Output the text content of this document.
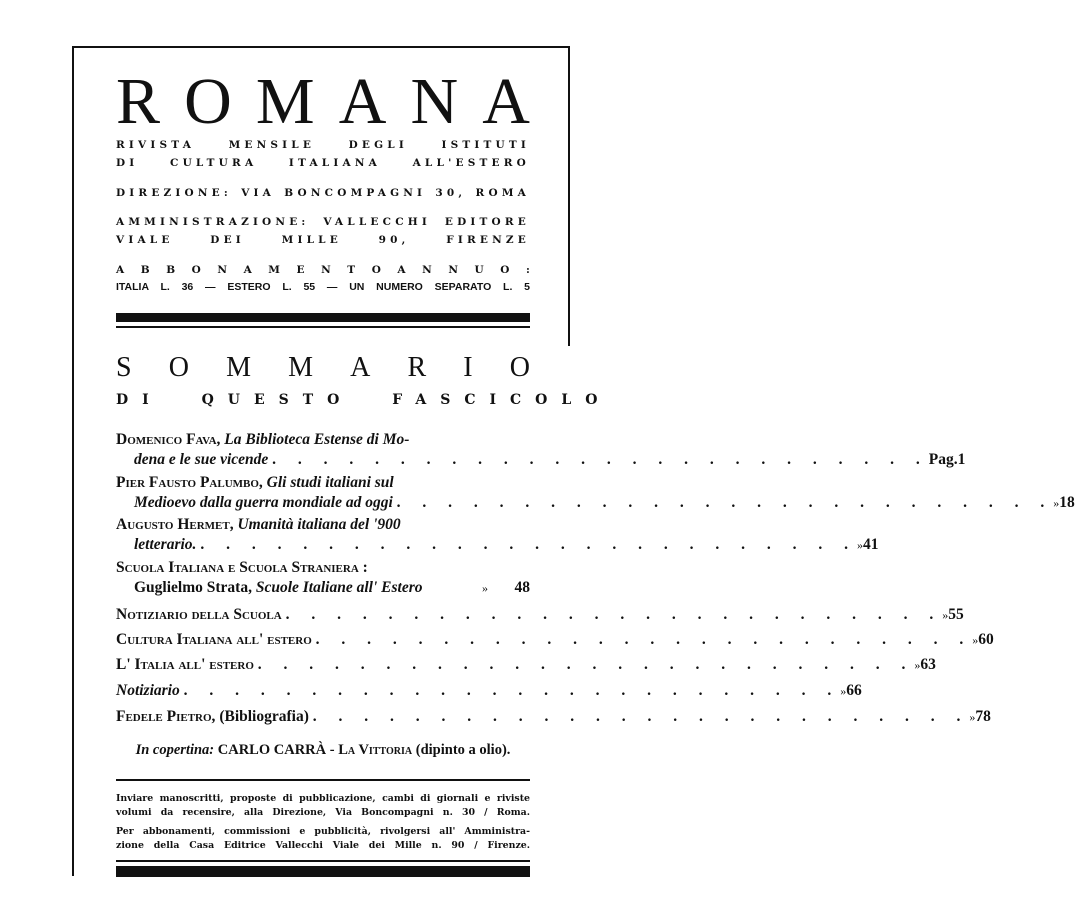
R O M A N A
RIVISTA MENSILE DEGLI ISTITUTI
DI CULTURA ITALIANA ALL'ESTERO
DIREZIONE: VIA BONCOMPAGNI 30, ROMA
AMMINISTRAZIONE: VALLECCHI EDITORE
VIALE DEI MILLE 90, FIRENZE
A B B O N A M E N T O A N N U O :
ITALIA L. 36 — ESTERO L. 55 — UN NUMERO SEPARATO L. 5
S O M M A R I O
DI QUESTO FASCICOLO
Domenico Fava, La Biblioteca Estense di Mo-
dena e le sue vicende . . . . . . . . . . . . . . . . . . . . . . . . . . Pag. 1
Pier Fausto Palumbo, Gli studi italiani sul
Medioevo dalla guerra mondiale ad oggi . . . . . . . . . . . . . . . . . . . . . . . . . . » 18
Augusto Hermet, Umanità italiana del '900
letterario. . . . . . . . . . . . . . . . . . . . . . . . . . . » 41
Scuola Italiana e Scuola Straniera :
Guglielmo Strata, Scuole Italiane all' Estero	»	48
Notiziario della Scuola . . . . . . . . . . . . . . . . . . . . . . . . . . » 55
Cultura Italiana all' estero . . . . . . . . . . . . . . . . . . . . . . . . . . » 60
L' Italia all' estero . . . . . . . . . . . . . . . . . . . . . . . . . . » 63
Notiziario . . . . . . . . . . . . . . . . . . . . . . . . . . » 66
Fedele Pietro, (Bibliografia) . . . . . . . . . . . . . . . . . . . . . . . . . . » 78
In copertina: CARLO CARRÀ - La Vittoria (dipinto a olio).
Inviare manoscritti, proposte di pubblicazione, cambi di giornali e riviste
volumi da recensire, alla Direzione, Via Boncompagni n. 30 / Roma.
Per abbonamenti, commissioni e pubblicità, rivolgersi all' Amministra-
zione della Casa Editrice Vallecchi Viale dei Mille n. 90 / Firenze.
